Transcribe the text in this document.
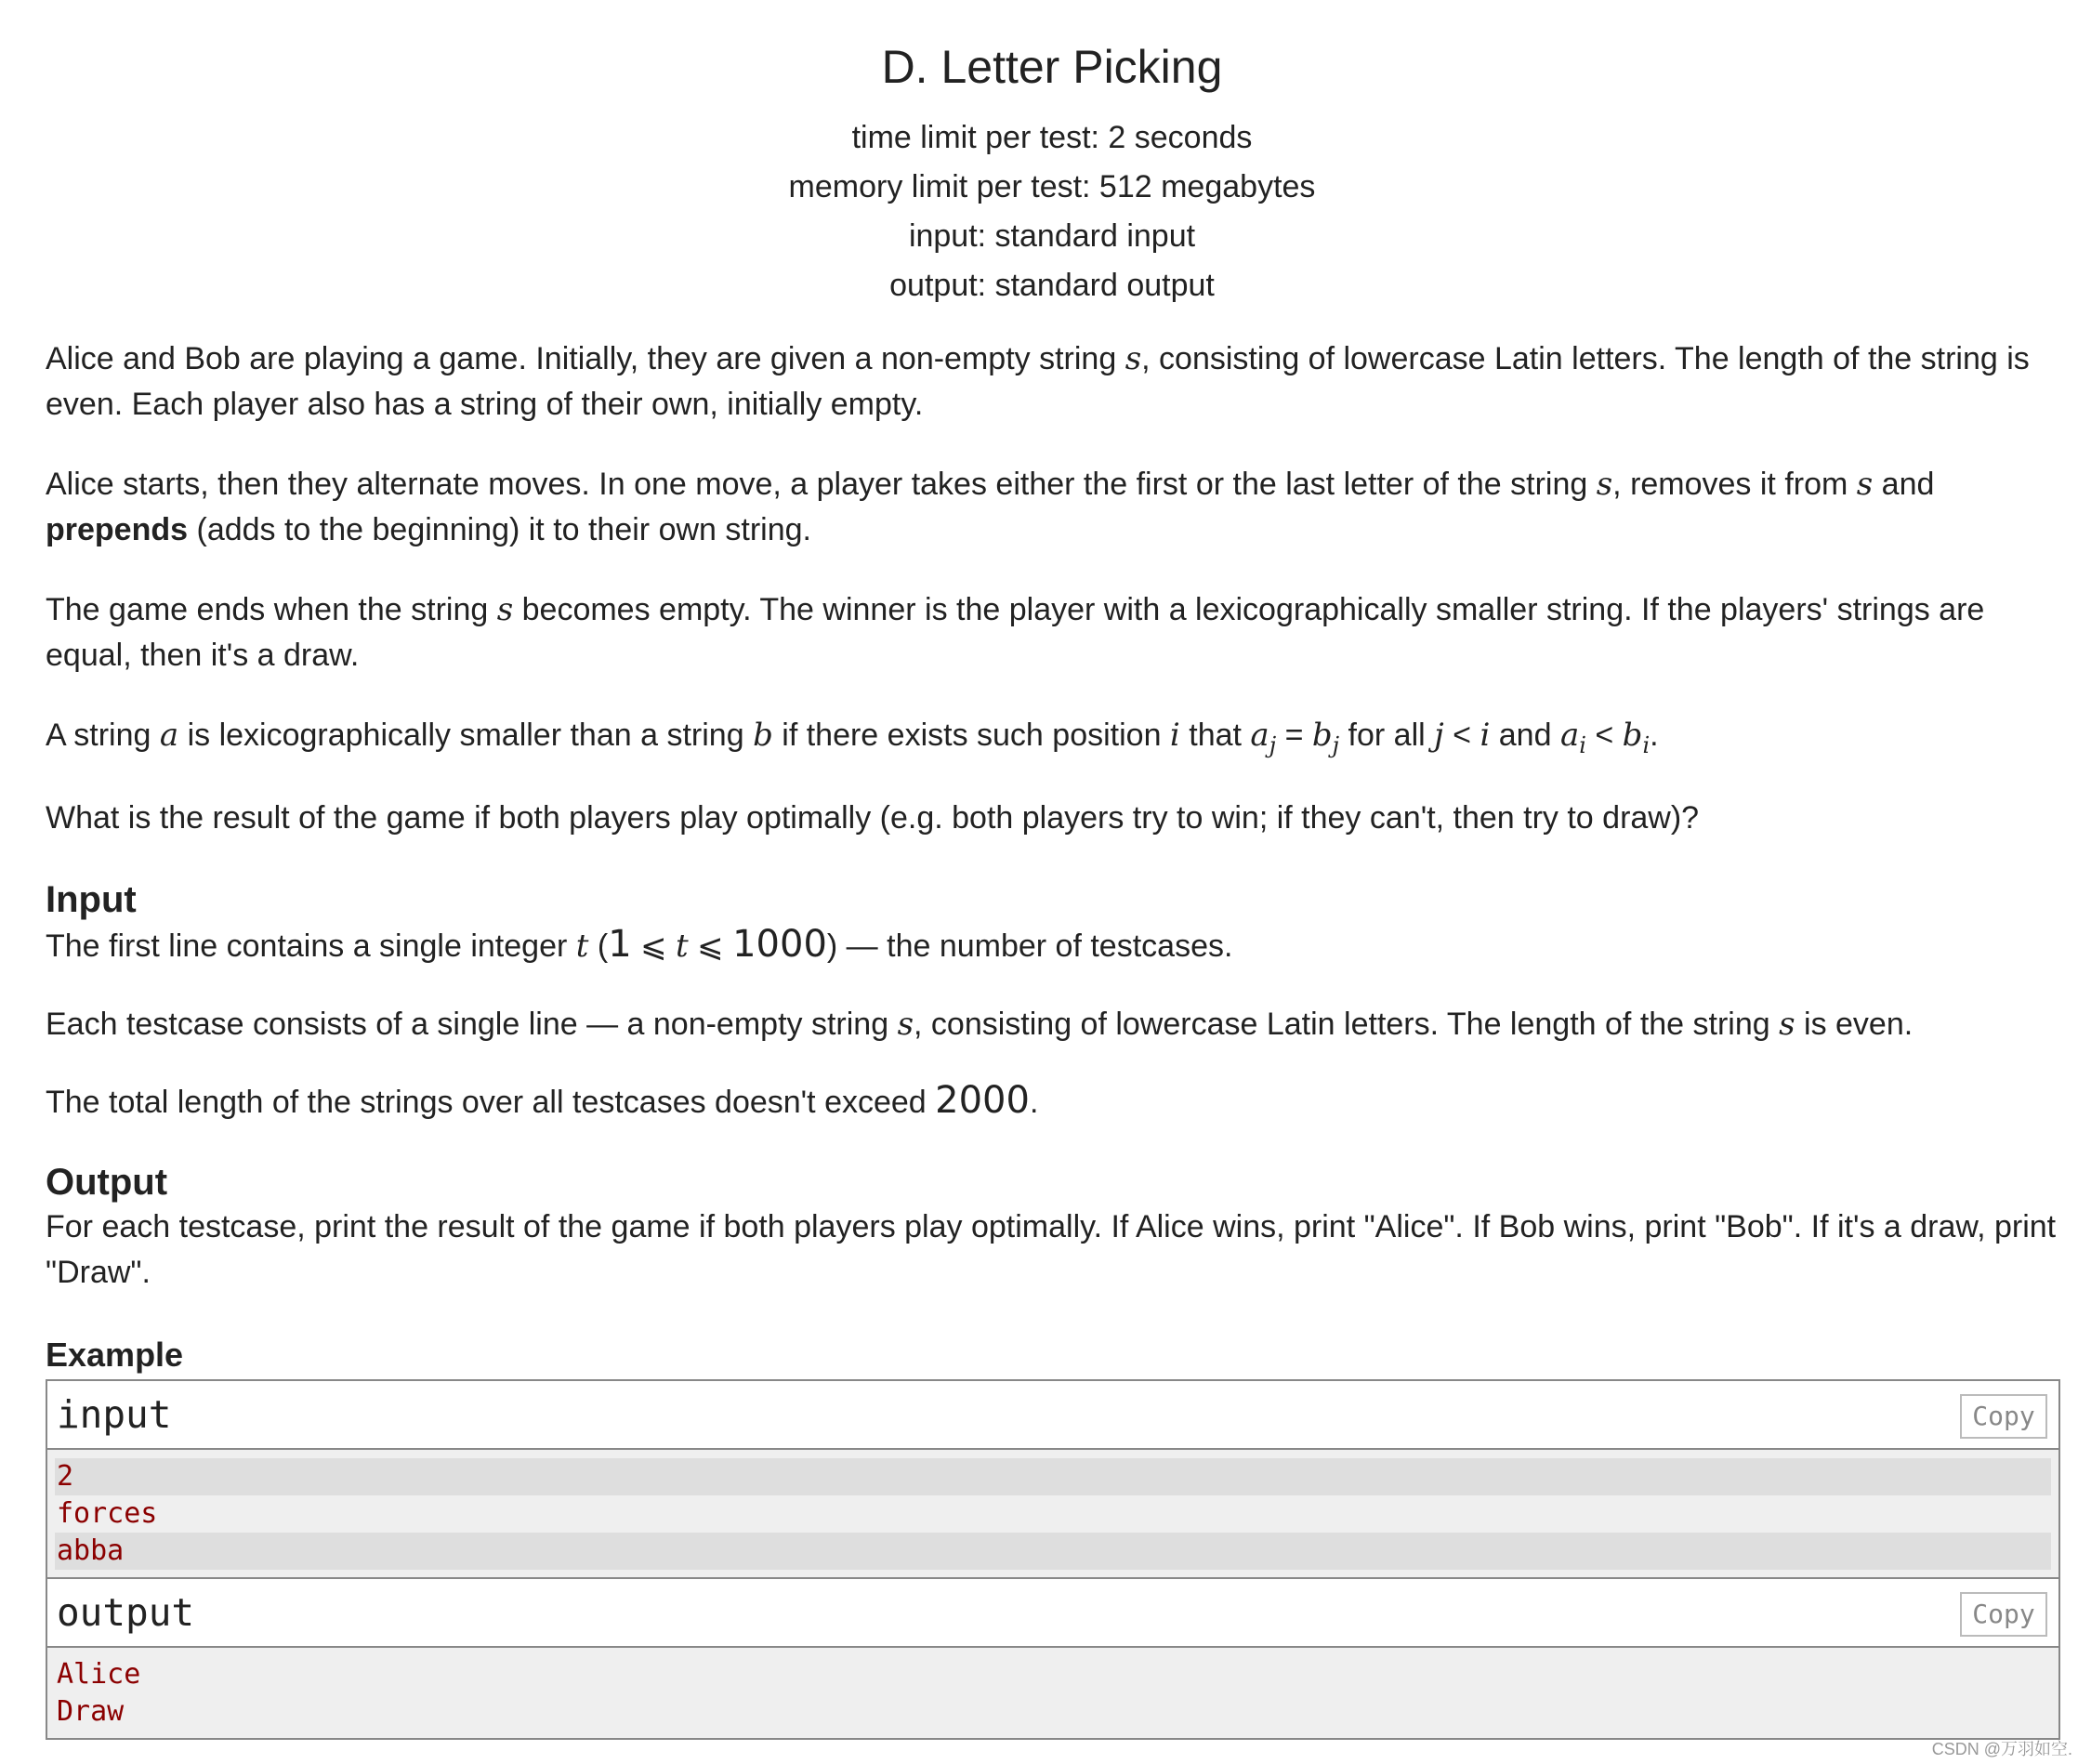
D. Letter Picking
time limit per test: 2 seconds
memory limit per test: 512 megabytes
input: standard input
output: standard output

Alice and Bob are playing a game. Initially, they are given a non-empty string s, consisting of lowercase Latin letters. The length of the string is even. Each player also has a string of their own, initially empty.

Alice starts, then they alternate moves. In one move, a player takes either the first or the last letter of the string s, removes it from s and prepends (adds to the beginning) it to their own string.

The game ends when the string s becomes empty. The winner is the player with a lexicographically smaller string. If the players' strings are equal, then it's a draw.

A string a is lexicographically smaller than a string b if there exists such position i that $a_j = b_j$ for all j < i and $a_i < b_i$.

What is the result of the game if both players play optimally (e.g. both players try to win; if they can't, then try to draw)?

Input

The first line contains a single integer t (1 ⩽ t ⩽ 1000) — the number of testcases.

Each testcase consists of a single line — a non-empty string s, consisting of lowercase Latin letters. The length of the string s is even.

The total length of the strings over all testcases doesn't exceed 2000.

Output

For each testcase, print the result of the game if both players play optimally. If Alice wins, print "Alice". If Bob wins, print "Bob". If it's a draw, print "Draw".

Example
input	Copy
2
forces
abba
output	Copy
Alice
Draw
CSDN @万羽如空.
